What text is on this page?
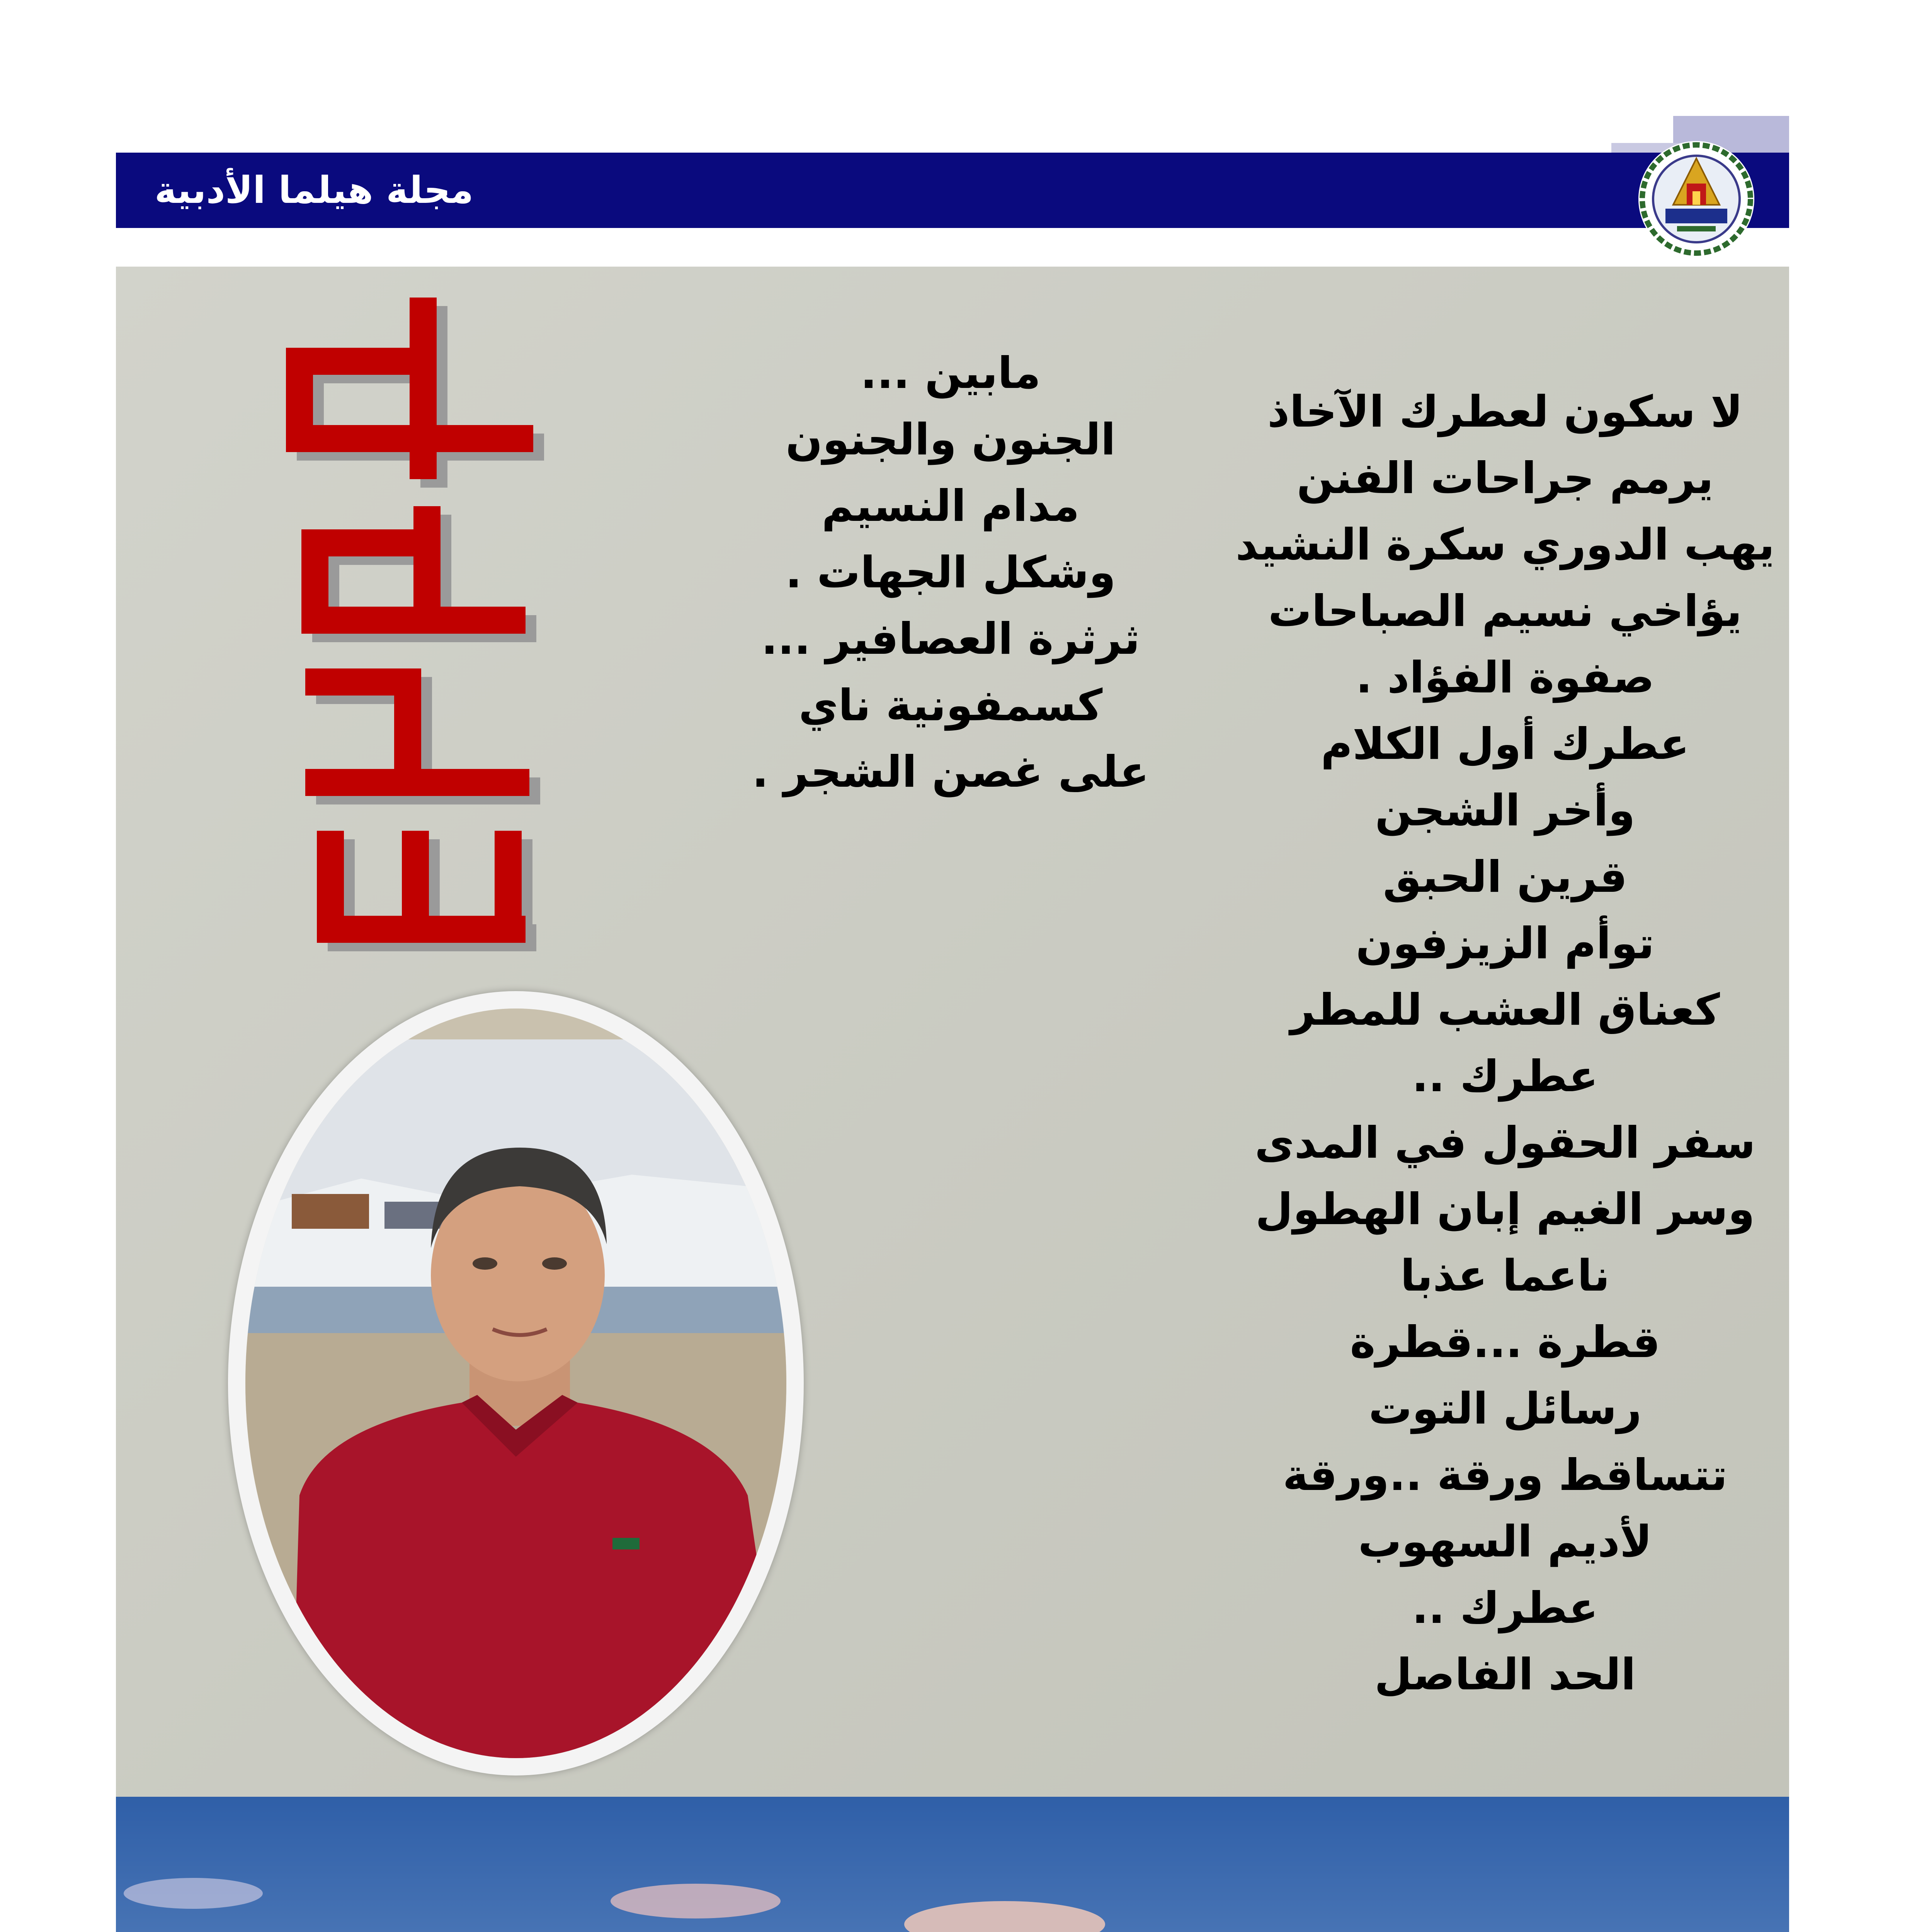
مجلة هيلما الأدبية
لا سكون لعطرك الآخاذ
يرمم جراحات الفنن
يهب الدوري سكرة النشيد
يؤاخي نسيم الصباحات
صفوة الفؤاد .
عطرك أول الكلام
وأخر الشجن
قرين الحبق
توأم الزيزفون
كعناق العشب للمطر
عطرك ..
سفر الحقول في المدى
وسر الغيم إبان الهطول
ناعما عذبا
قطرة ...قطرة
رسائل التوت
تتساقط ورقة ..ورقة
لأديم السهوب
عطرك ..
الحد الفاصل
مابين ...
الجنون والجنون
مدام النسيم
وشكل الجهات .
ثرثرة العصافير ...
كسمفونية ناي
على غصن الشجر .
